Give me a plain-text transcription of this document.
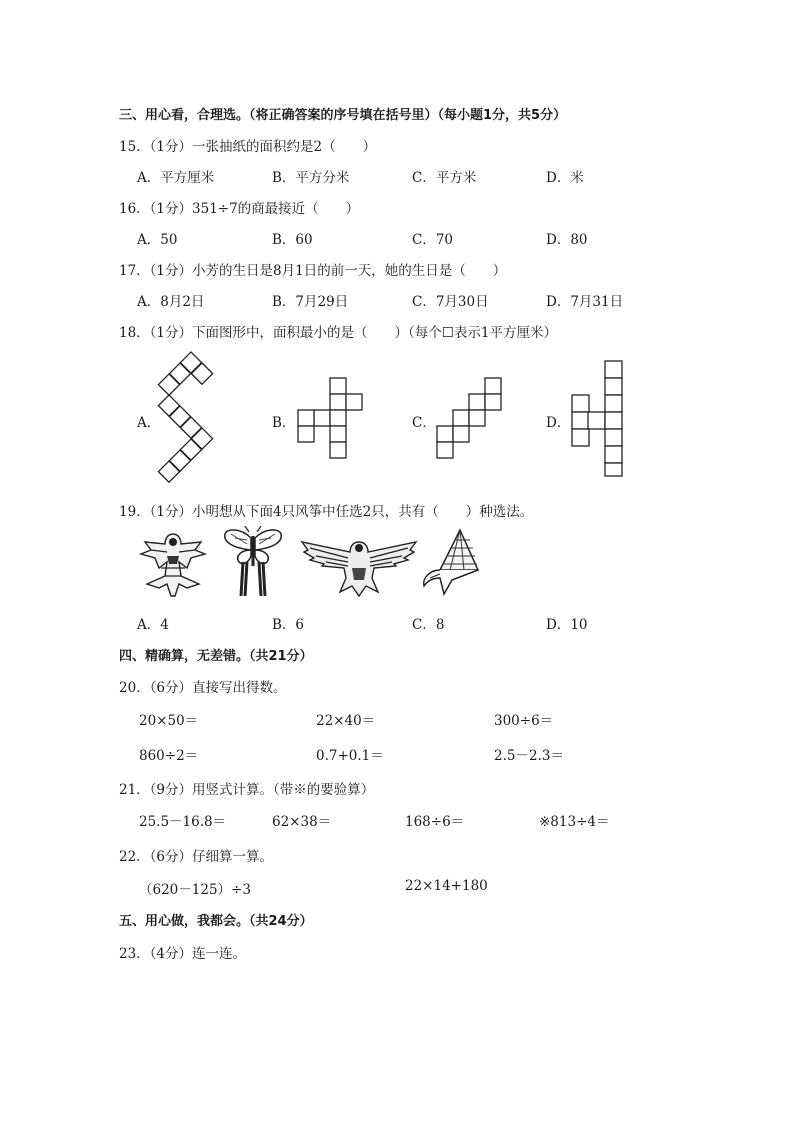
三、用心看，合理选。（将正确答案的序号填在括号里）（每小题1分，共5分）
15．（1分）一张抽纸的面积约是2（　　）
A．平方厘米	B．平方分米	C．平方米	D．米
16．（1分）351÷7的商最接近（　　）
A．50	B．60	C．70	D．80
17．（1分）小芳的生日是8月1日的前一天，她的生日是（　　）
A．8月2日	B．7月29日	C．7月30日	D．7月31日
18．（1分）下面图形中，面积最小的是（　　）（每个☐表示1平方厘米）
A．	B．	C．	D．
19．（1分）小明想从下面4只风筝中任选2只，共有（　　）种选法。
A．4	B．6	C．8	D．10
四、精确算，无差错。（共21分）
20．（6分）直接写出得数。
20×50＝	22×40＝	300÷6＝
860÷2＝	0.7+0.1＝	2.5－2.3＝
21．（9分）用竖式计算。（带※的要验算）
25.5－16.8＝	62×38＝	168÷6＝	※813÷4＝
22．（6分）仔细算一算。
（620－125）÷3	22×14+180
五、用心做，我都会。（共24分）
23．（4分）连一连。
